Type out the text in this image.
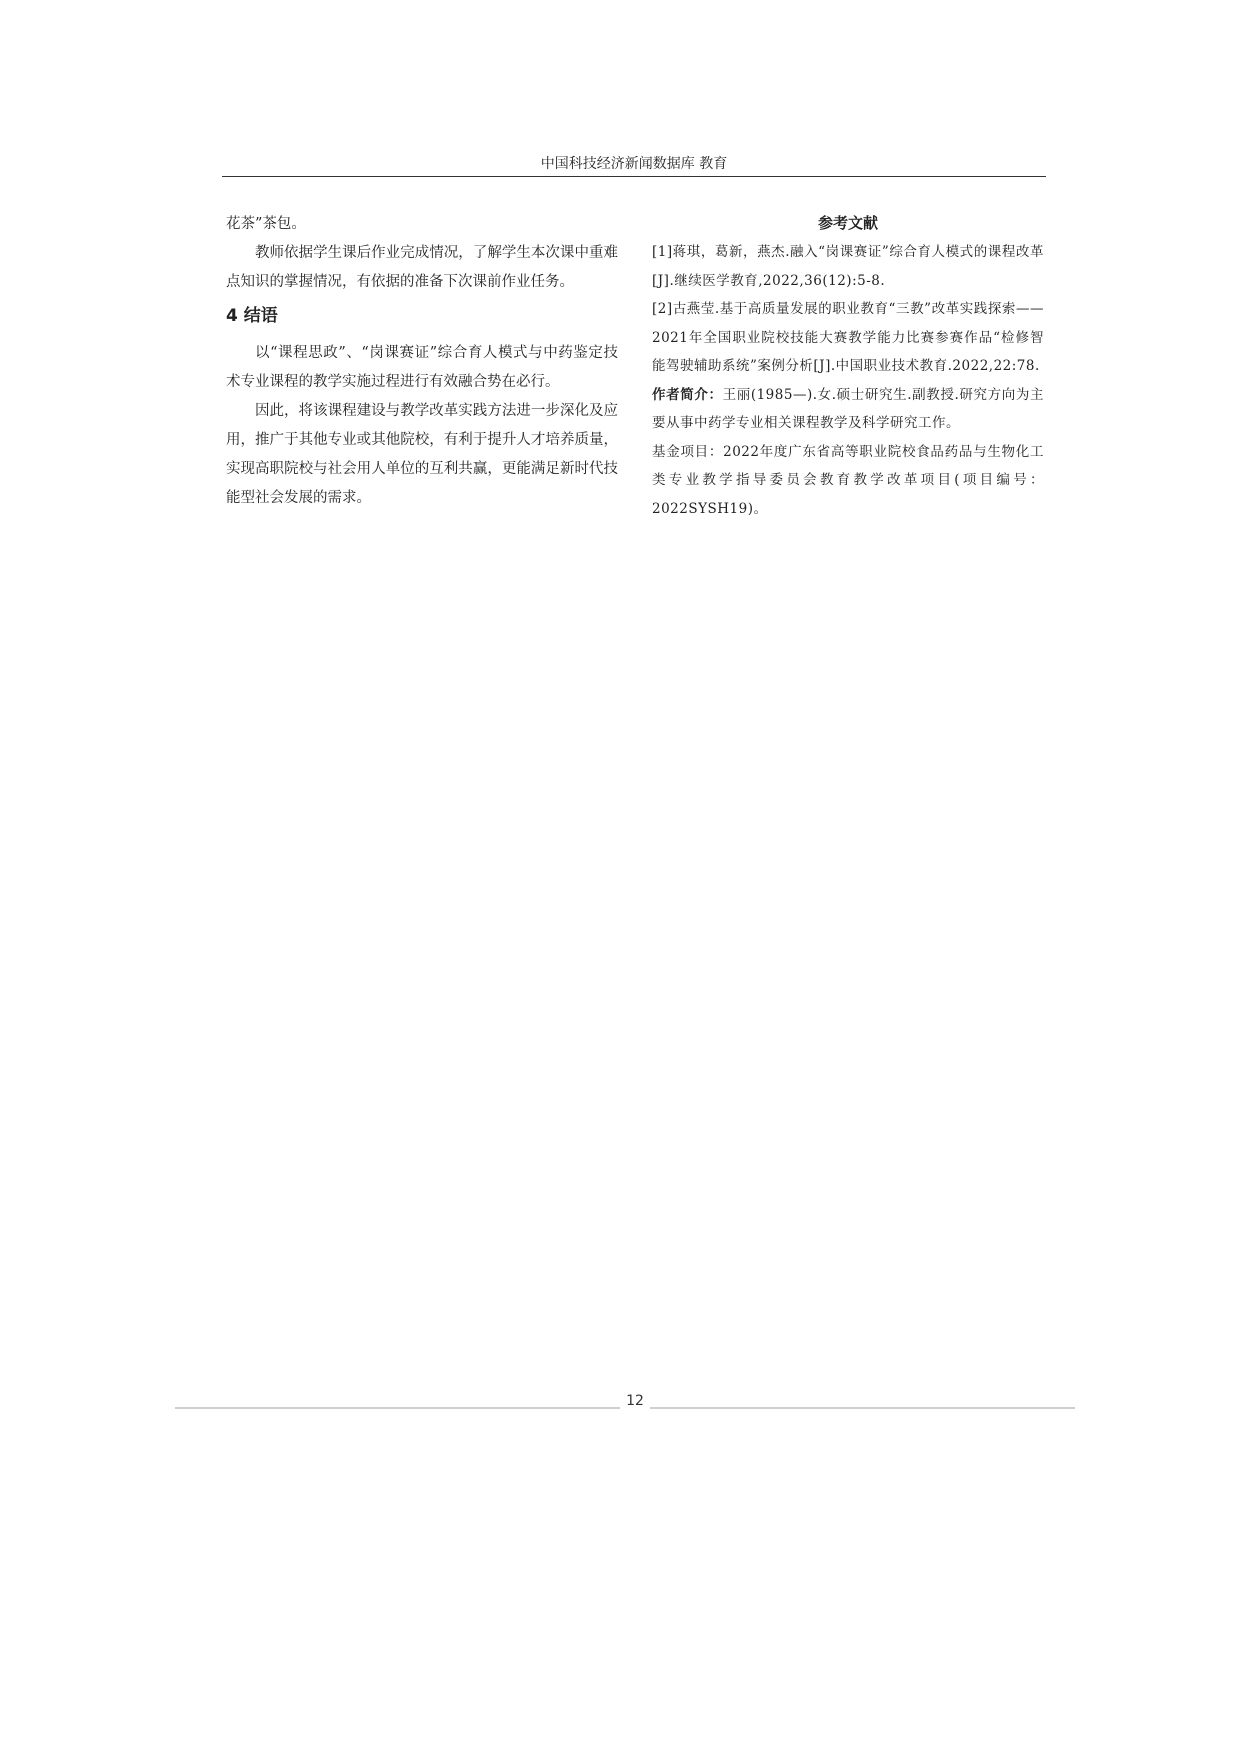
中国科技经济新闻数据库 教育

花茶”茶包。

教师依据学生课后作业完成情况，了解学生本次课中重难点知识的掌握情况，有依据的准备下次课前作业任务。

4 结语

以“课程思政”、“岗课赛证”综合育人模式与中药鉴定技术专业课程的教学实施过程进行有效融合势在必行。

因此，将该课程建设与教学改革实践方法进一步深化及应用，推广于其他专业或其他院校，有利于提升人才培养质量，实现高职院校与社会用人单位的互利共赢，更能满足新时代技能型社会发展的需求。

参考文献

[1]蒋琪，葛新，燕杰.融入“岗课赛证”综合育人模式的课程改革[J].继续医学教育,2022,36(12):5-8.

[2]古燕莹.基于高质量发展的职业教育“三教”改革实践探索——2021年全国职业院校技能大赛教学能力比赛参赛作品“检修智能驾驶辅助系统”案例分析[J].中国职业技术教育.2022,22:78.

作者简介：王丽(1985—).女.硕士研究生.副教授.研究方向为主要从事中药学专业相关课程教学及科学研究工作。

基金项目：2022年度广东省高等职业院校食品药品与生物化工类专业教学指导委员会教育教学改革项目(项目编号：2022SYSH19)。

12
